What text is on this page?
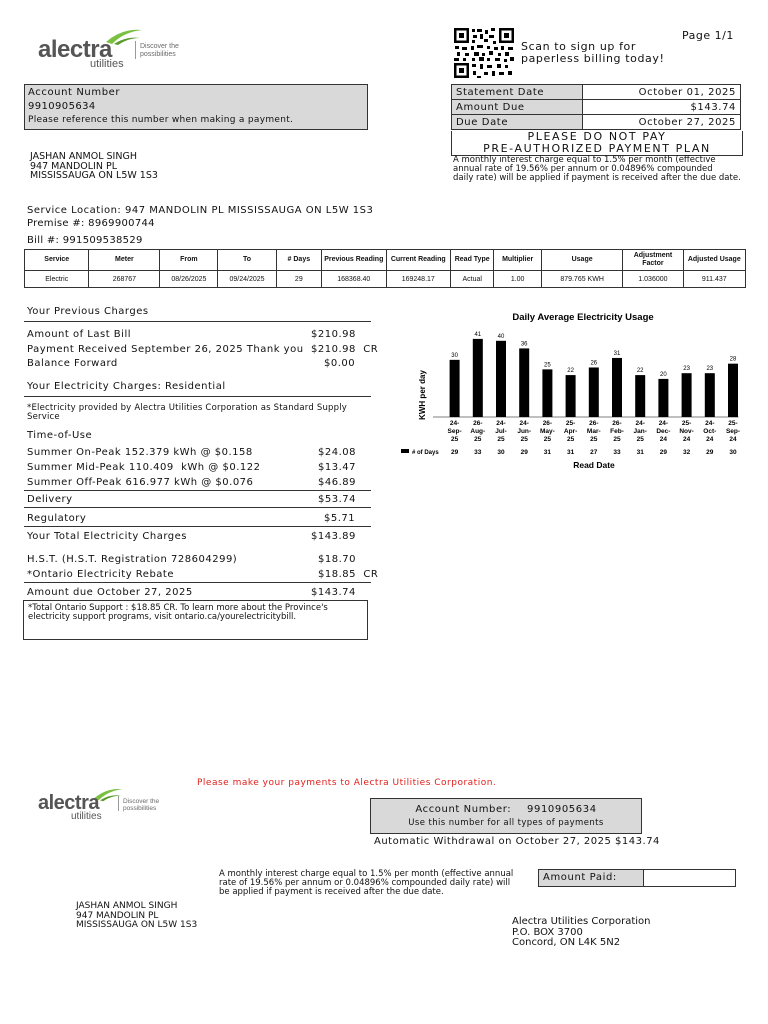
alectra
utilities
Discover the
possibilities
Scan to sign up for
paperless billing today!
Page 1/1
Account Number
9910905634
Please reference this number when making a payment.
Statement Date	October 01, 2025
Amount Due	$143.74
Due Date	October 27, 2025
PLEASE DO NOT PAY
PRE-AUTHORIZED PAYMENT PLAN
A monthly interest charge equal to 1.5% per month (effective
annual rate of 19.56% per annum or 0.04896% compounded
daily rate) will be applied if payment is received after the due date.
JASHAN ANMOL SINGH
947 MANDOLIN PL
MISSISSAUGA ON L5W 1S3
Service Location: 947 MANDOLIN PL MISSISSAUGA ON L5W 1S3
Premise #: 8969900744
Bill #: 991509538529
Service	Meter	From	To	# Days	Previous Reading	Current Reading	Read Type	Multiplier	Usage	Adjustment Factor	Adjusted Usage
Electric	268767	08/26/2025	09/24/2025	29	168368.40	169248.17	Actual	1.00	879.765 KWH	1.036000	911.437
Your Previous Charges
Amount of Last Bill	$210.98
Payment Received September 26, 2025 Thank you $210.98  CR
Balance Forward	$0.00
Your Electricity Charges: Residential
*Electricity provided by Alectra Utilities Corporation as Standard Supply Service
Time-of-Use
Summer On-Peak 152.379 kWh @ $0.158	$24.08
Summer Mid-Peak 110.409  kWh @ $0.122	$13.47
Summer Off-Peak 616.977 kWh @ $0.076	$46.89
Delivery	$53.74
Regulatory	$5.71
Your Total Electricity Charges	$143.89
H.S.T. (H.S.T. Registration 728604299)	$18.70
*Ontario Electricity Rebate	$18.85  CR
Amount due October 27, 2025	$143.74
*Total Ontario Support : $18.85 CR. To learn more about the Province's
electricity support programs, visit ontario.ca/yourelectricitybill.
Daily Average Electricity Usage
KWH per day
Read Date
# of Days
30
24-Sep-25
29
41
26-Aug-25
33
40
24-Jul-25
30
36
24-Jun-25
29
25
26-May-25
31
22
25-Apr-25
31
26
26-Mar-25
27
31
26-Feb-25
33
22
24-Jan-25
31
20
24-Dec-24
29
23
25-Nov-24
32
23
24-Oct-24
29
28
25-Sep-24
30
Please make your payments to Alectra Utilities Corporation.
alectra
utilities
Discover the
possibilities	Account Number: 9910905634
Use this number for all types of payments
Automatic Withdrawal on October 27, 2025 $143.74
A monthly interest charge equal to 1.5% per month (effective annual
rate of 19.56% per annum or 0.04896% compounded daily rate) will
be applied if payment is received after the due date.
Amount Paid:
JASHAN ANMOL SINGH
947 MANDOLIN PL
MISSISSAUGA ON L5W 1S3	Alectra Utilities Corporation
P.O. BOX 3700
Concord, ON L4K 5N2
